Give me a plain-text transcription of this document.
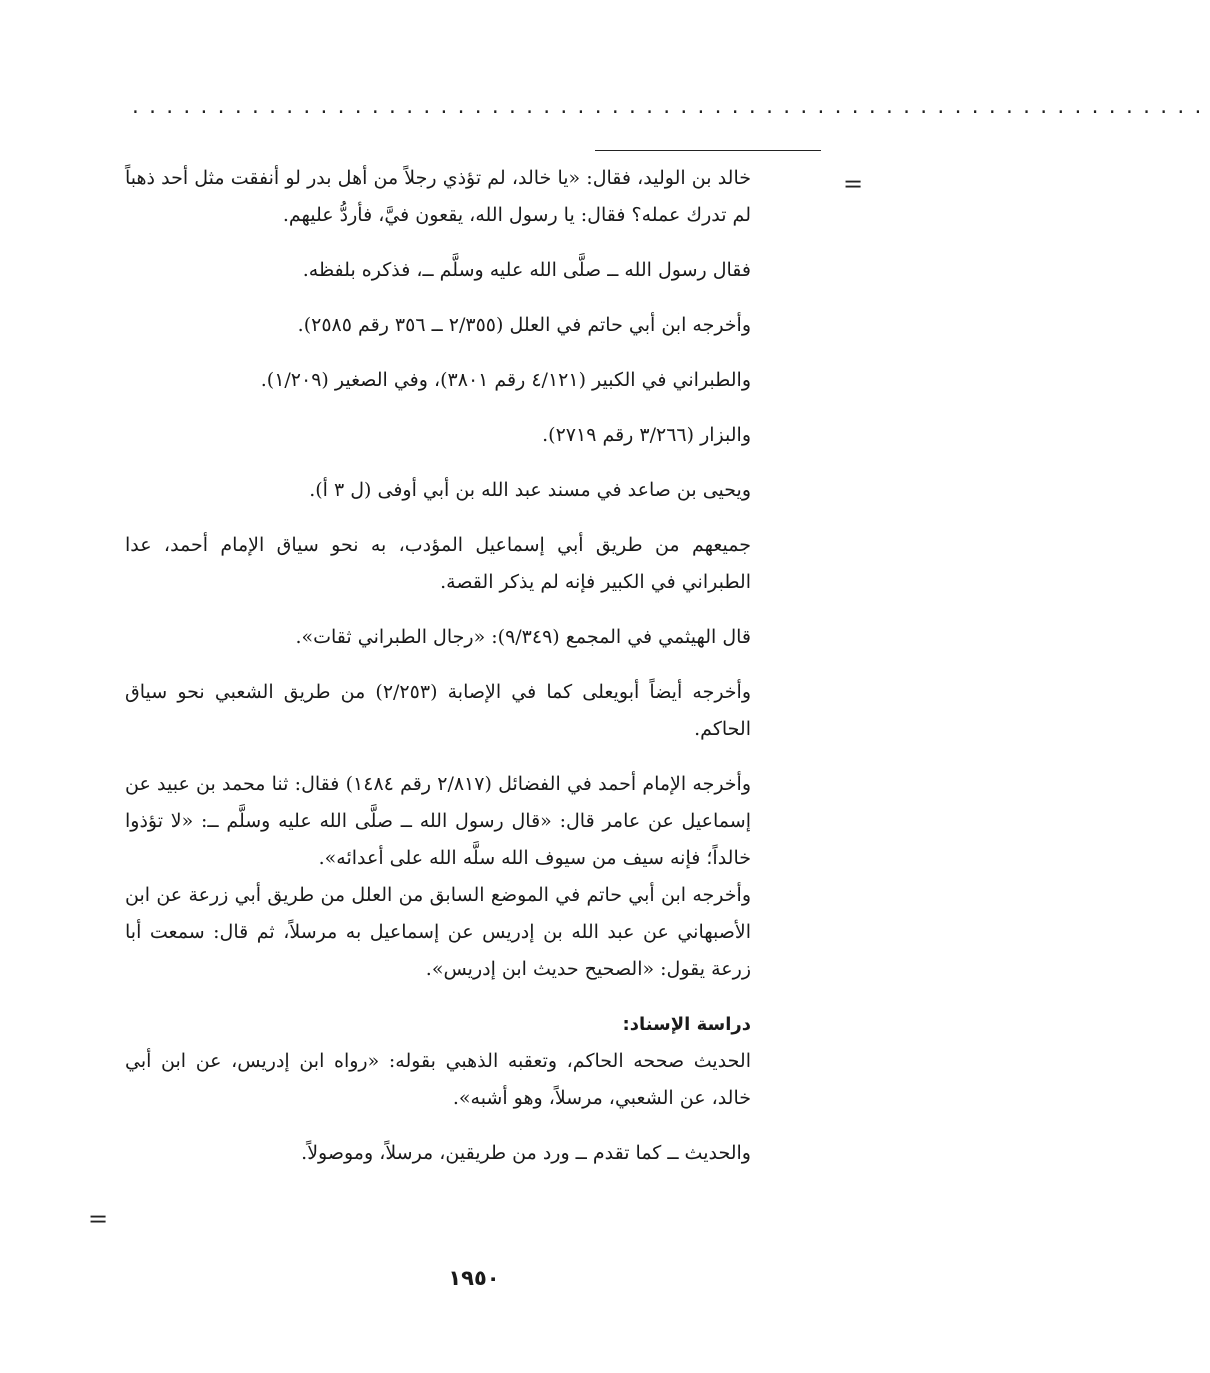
...............................................................
=

خالد بن الوليد، فقال: «يا خالد، لم تؤذي رجلاً من أهل بدر لو أنفقت مثل أحد ذهباً لم تدرك عمله؟ فقال: يا رسول الله، يقعون فيَّ، فأردُّ عليهم.

فقال رسول الله ــ صلَّى الله عليه وسلَّم ــ، فذكره بلفظه.

وأخرجه ابن أبي حاتم في العلل (٢/٣٥٥ ــ ٣٥٦ رقم ٢٥٨٥).

والطبراني في الكبير (٤/١٢١ رقم ٣٨٠١)، وفي الصغير (١/٢٠٩).

والبزار (٣/٢٦٦ رقم ٢٧١٩).

ويحيى بن صاعد في مسند عبد الله بن أبي أوفى (ل ٣ أ).

جميعهم من طريق أبي إسماعيل المؤدب، به نحو سياق الإمام أحمد، عدا الطبراني في الكبير فإنه لم يذكر القصة.

قال الهيثمي في المجمع (٩/٣٤٩): «رجال الطبراني ثقات».

وأخرجه أيضاً أبويعلى كما في الإصابة (٢/٢٥٣) من طريق الشعبي نحو سياق الحاكم.

وأخرجه الإمام أحمد في الفضائل (٢/٨١٧ رقم ١٤٨٤) فقال: ثنا محمد بن عبيد عن إسماعيل عن عامر قال: «قال رسول الله ــ صلَّى الله عليه وسلَّم ــ: «لا تؤذوا خالداً؛ فإنه سيف من سيوف الله سلَّه الله على أعدائه».

وأخرجه ابن أبي حاتم في الموضع السابق من العلل من طريق أبي زرعة عن ابن الأصبهاني عن عبد الله بن إدريس عن إسماعيل به مرسلاً، ثم قال: سمعت أبا زرعة يقول: «الصحيح حديث ابن إدريس».

دراسة الإسناد:

الحديث صححه الحاكم، وتعقبه الذهبي بقوله: «رواه ابن إدريس، عن ابن أبي خالد، عن الشعبي، مرسلاً، وهو أشبه».

والحديث ــ كما تقدم ــ ورد من طريقين، مرسلاً، وموصولاً.

=
١٩٥٠
